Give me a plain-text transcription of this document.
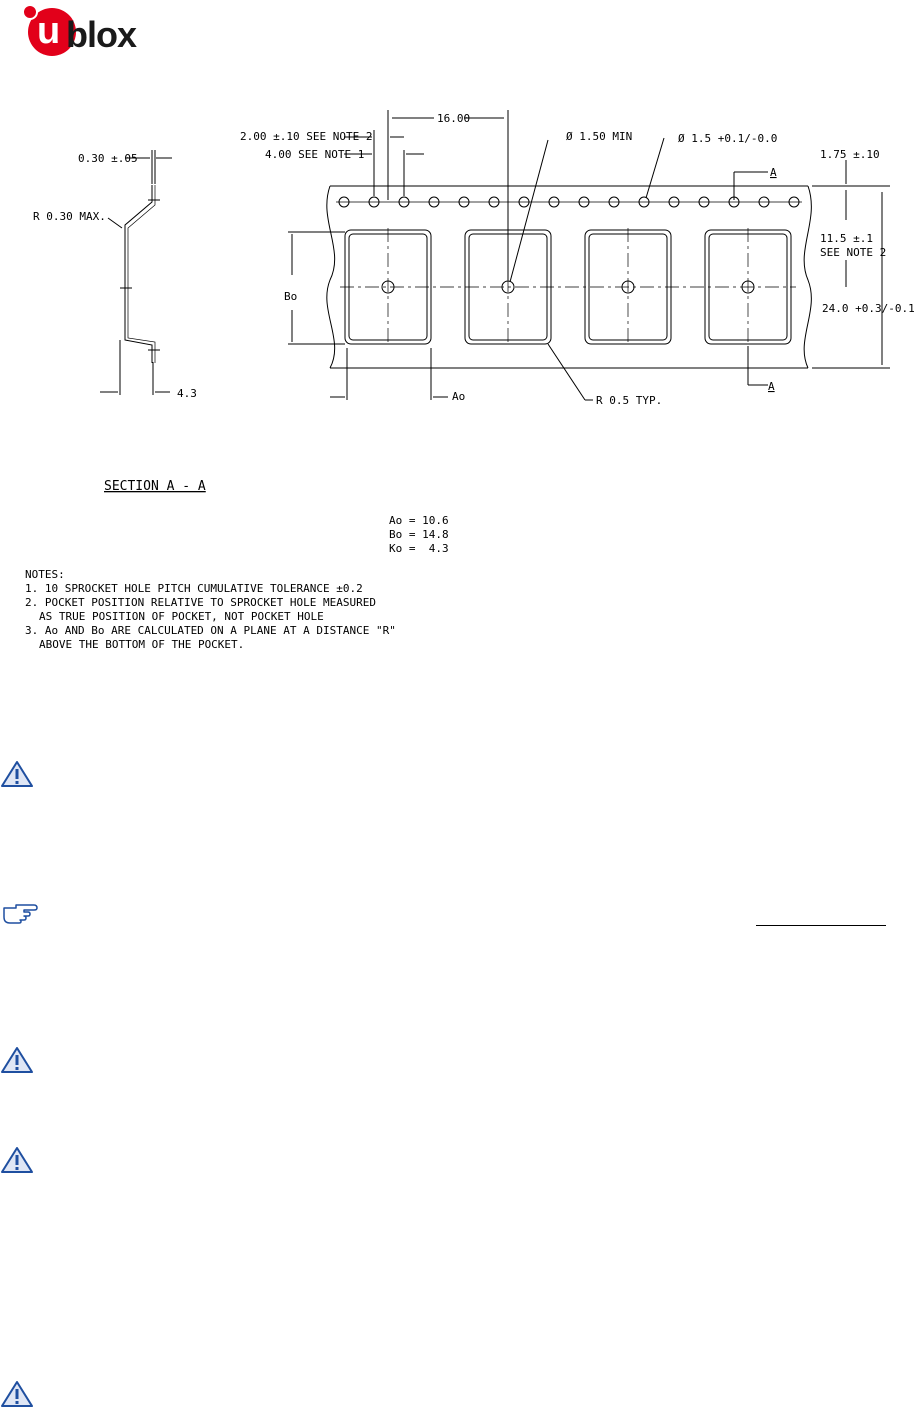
u blox
0.30 ±.05
R 0.30 MAX.
4.3
16.00
2.00 ±.10 SEE NOTE 2
4.00 SEE NOTE 1
Ø 1.50 MIN	Ø 1.5 +0.1/-0.0
1.75 ±.10
A
A
11.5 ±.1
SEE NOTE 2
24.0 +0.3/-0.1
Bo
Ao	R 0.5 TYP.
SECTION A - A
Ao = 10.6
Bo = 14.8
Ko =  4.3
NOTES:
1. 10 SPROCKET HOLE PITCH CUMULATIVE TOLERANCE ±0.2
2. POCKET POSITION RELATIVE TO SPROCKET HOLE MEASURED
AS TRUE POSITION OF POCKET, NOT POCKET HOLE
3. Ao AND Bo ARE CALCULATED ON A PLANE AT A DISTANCE "R"
ABOVE THE BOTTOM OF THE POCKET.
